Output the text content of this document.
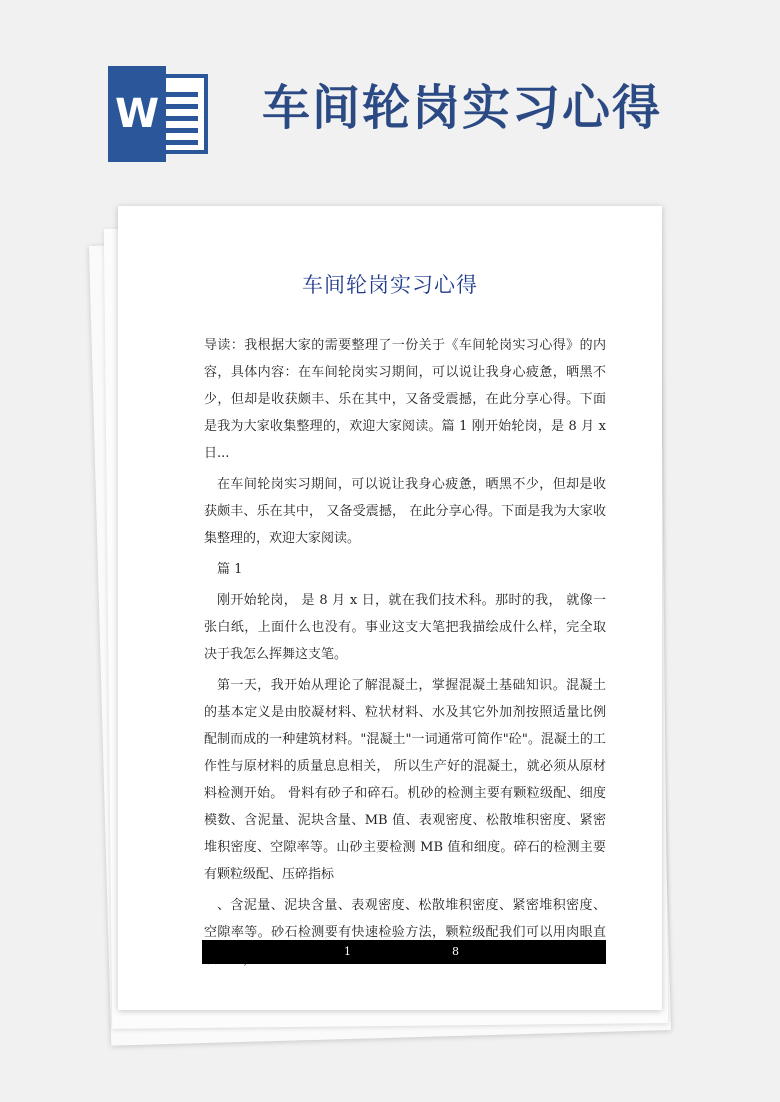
W 车间轮岗实习心得
车间轮岗实习心得

导读：我根据大家的需要整理了一份关于《车间轮岗实习心得》的内容，具体内容：在车间轮岗实习期间，可以说让我身心疲惫，晒黑不少，但却是收获颇丰、乐在其中，又备受震撼，在此分享心得。下面是我为大家收集整理的，欢迎大家阅读。篇 1 刚开始轮岗，是 8 月 x 日...

在车间轮岗实习期间，可以说让我身心疲惫，晒黑不少，但却是收获颇丰、乐在其中， 又备受震撼， 在此分享心得。下面是我为大家收集整理的，欢迎大家阅读。

篇 1

刚开始轮岗， 是 8 月 x 日，就在我们技术科。那时的我， 就像一张白纸，上面什么也没有。事业这支大笔把我描绘成什么样，完全取决于我怎么挥舞这支笔。

第一天，我开始从理论了解混凝土，掌握混凝土基础知识。混凝土的基本定义是由胶凝材料、粒状材料、水及其它外加剂按照适量比例配制而成的一种建筑材料。"混凝土"一词通常可简作"砼"。混凝土的工作性与原材料的质量息息相关， 所以生产好的混凝土，就必须从原材料检测开始。 骨料有砂子和碎石。机砂的检测主要有颗粒级配、细度模数、含泥量、泥块含量、MB 值、表观密度、松散堆积密度、紧密堆积密度、空隙率等。山砂主要检测 MB 值和细度。碎石的检测主要有颗粒级配、压碎指标

、含泥量、泥块含量、表观密度、松散堆积密度、紧密堆积密度、空隙率等。砂石检测要有快速检验方法，颗粒级配我们可以用肉眼直

1	8
